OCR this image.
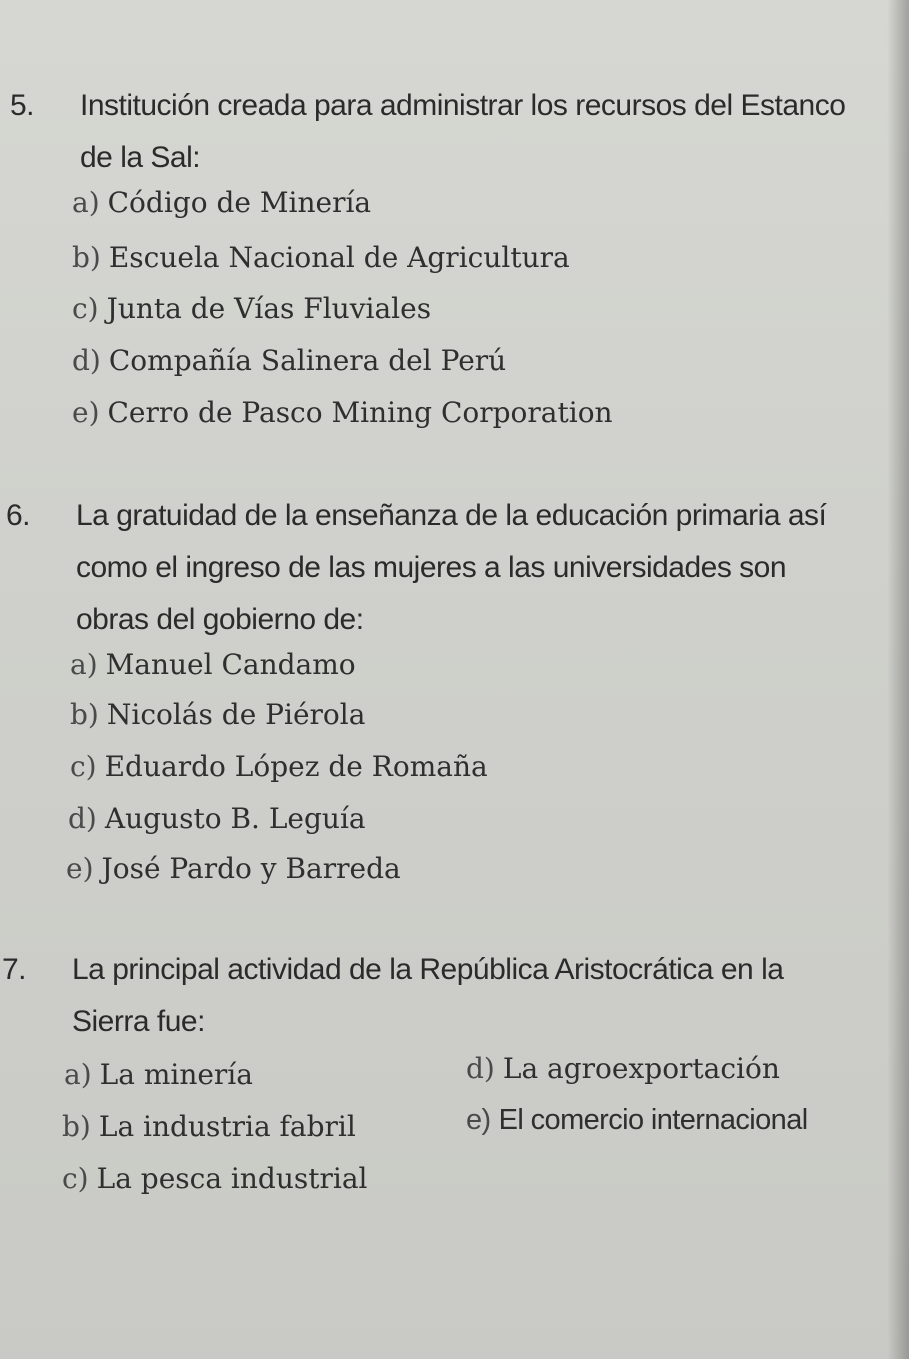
5. Institución creada para administrar los recursos del Estanco de la Sal:
a) Código de Minería
b) Escuela Nacional de Agricultura
c) Junta de Vías Fluviales
d) Compañía Salinera del Perú
e) Cerro de Pasco Mining Corporation
6. La gratuidad de la enseñanza de la educación primaria así como el ingreso de las mujeres a las universidades son obras del gobierno de:
a) Manuel Candamo
b) Nicolás de Piérola
c) Eduardo López de Romaña
d) Augusto B. Leguía
e) José Pardo y Barreda
7. La principal actividad de la República Aristocrática en la Sierra fue:
a) La minería
b) La industria fabril
c) La pesca industrial
d) La agroexportación
e) El comercio internacional
